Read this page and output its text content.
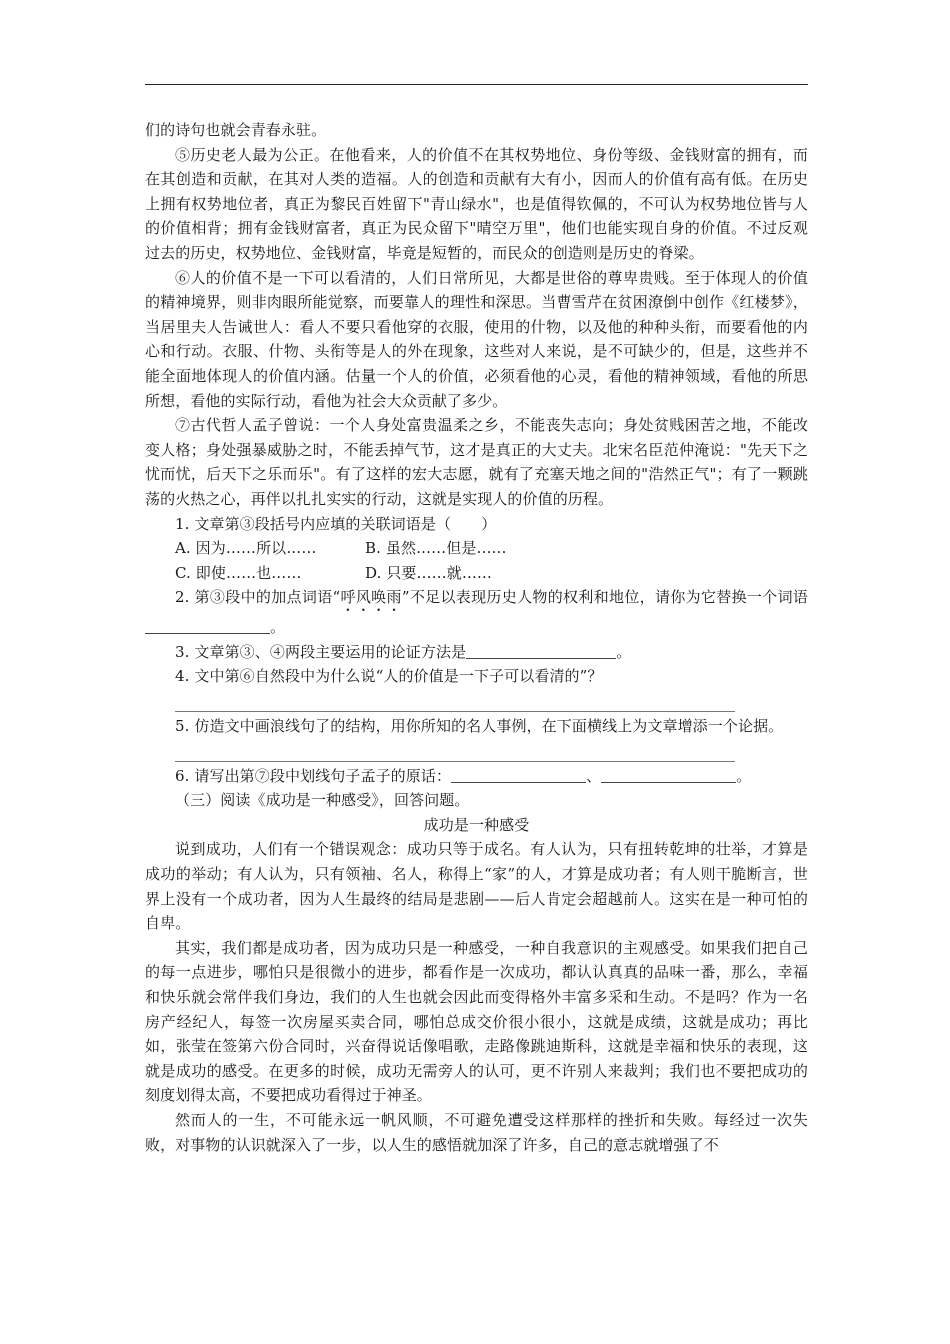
们的诗句也就会青春永驻。

⑤历史老人最为公正。在他看来，人的价值不在其权势地位、身份等级、金钱财富的拥有，而在其创造和贡献，在其对人类的造福。人的创造和贡献有大有小，因而人的价值有高有低。在历史上拥有权势地位者，真正为黎民百姓留下"青山绿水"，也是值得钦佩的，不可认为权势地位皆与人的价值相背；拥有金钱财富者，真正为民众留下"晴空万里"，他们也能实现自身的价值。不过反观过去的历史，权势地位、金钱财富，毕竟是短暂的，而民众的创造则是历史的脊梁。

⑥人的价值不是一下可以看清的，人们日常所见，大都是世俗的尊卑贵贱。至于体现人的价值的精神境界，则非肉眼所能觉察，而要靠人的理性和深思。当曹雪芹在贫困潦倒中创作《红楼梦》，当居里夫人告诫世人：看人不要只看他穿的衣服，使用的什物，以及他的种种头衔，而要看他的内心和行动。衣服、什物、头衔等是人的外在现象，这些对人来说，是不可缺少的，但是，这些并不能全面地体现人的价值内涵。估量一个人的价值，必须看他的心灵，看他的精神领域，看他的所思所想，看他的实际行动，看他为社会大众贡献了多少。

⑦古代哲人孟子曾说：一个人身处富贵温柔之乡，不能丧失志向；身处贫贱困苦之地，不能改变人格；身处强暴威胁之时，不能丢掉气节，这才是真正的大丈夫。北宋名臣范仲淹说："先天下之忧而忧，后天下之乐而乐"。有了这样的宏大志愿，就有了充塞天地之间的"浩然正气"；有了一颗跳荡的火热之心，再伴以扎扎实实的行动，这就是实现人的价值的历程。

1. 文章第③段括号内应填的关联词语是（　　）

A. 因为……所以……	B. 虽然……但是……
C. 即使……也……	D. 只要……就……

2. 第③段中的加点词语“呼风唤雨”不足以表现历史人物的权利和地位，请你为它替换一个词语。

3. 文章第③、④两段主要运用的论证方法是	。

4. 文中第⑥自然段中为什么说“人的价值是一下子可以看清的”？

5. 仿造文中画浪线句了的结构，用你所知的名人事例，在下面横线上为文章增添一个论据。

6. 请写出第⑦段中划线句子孟子的原话：	、	。

（三）阅读《成功是一种感受》，回答问题。

成功是一种感受

说到成功，人们有一个错误观念：成功只等于成名。有人认为，只有扭转乾坤的壮举，才算是成功的举动；有人认为，只有领袖、名人，称得上“家”的人，才算是成功者；有人则干脆断言，世界上没有一个成功者，因为人生最终的结局是悲剧——后人肯定会超越前人。这实在是一种可怕的自卑。

其实，我们都是成功者，因为成功只是一种感受，一种自我意识的主观感受。如果我们把自己的每一点进步，哪怕只是很微小的进步，都看作是一次成功，都认认真真的品味一番，那么，幸福和快乐就会常伴我们身边，我们的人生也就会因此而变得格外丰富多采和生动。不是吗？作为一名房产经纪人，每签一次房屋买卖合同，哪怕总成交价很小很小，这就是成绩，这就是成功；再比如，张莹在签第六份合同时，兴奋得说话像唱歌，走路像跳迪斯科，这就是幸福和快乐的表现，这就是成功的感受。在更多的时候，成功无需旁人的认可，更不许别人来裁判；我们也不要把成功的刻度划得太高，不要把成功看得过于神圣。

然而人的一生，不可能永远一帆风顺，不可避免遭受这样那样的挫折和失败。每经过一次失败，对事物的认识就深入了一步，以人生的感悟就加深了许多，自己的意志就增强了不
